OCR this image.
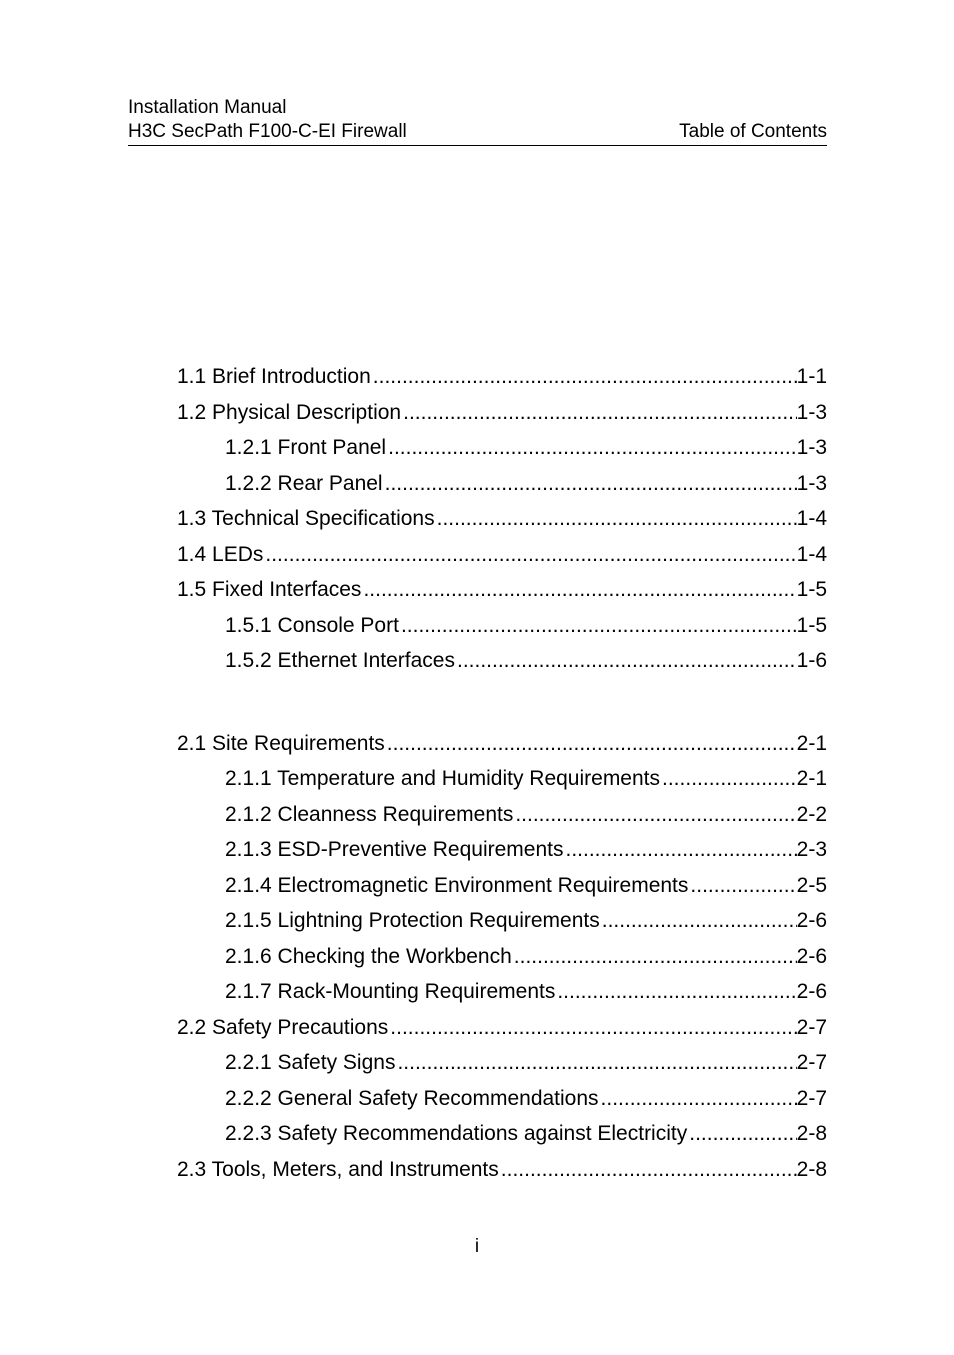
Installation Manual
H3C SecPath F100-C-EI Firewall	Table of Contents
1.1 Brief Introduction .....	1-1
1.2 Physical Description .....	1-3
1.2.1 Front Panel .....	1-3
1.2.2 Rear Panel .....	1-3
1.3 Technical Specifications .....	1-4
1.4 LEDs .....	1-4
1.5 Fixed Interfaces .....	1-5
1.5.1 Console Port .....	1-5
1.5.2 Ethernet Interfaces .....	1-6
2.1 Site Requirements .....	2-1
2.1.1 Temperature and Humidity Requirements .....	2-1
2.1.2 Cleanness Requirements .....	2-2
2.1.3 ESD-Preventive Requirements .....	2-3
2.1.4 Electromagnetic Environment Requirements .....	2-5
2.1.5 Lightning Protection Requirements .....	2-6
2.1.6 Checking the Workbench .....	2-6
2.1.7 Rack-Mounting Requirements .....	2-6
2.2 Safety Precautions .....	2-7
2.2.1 Safety Signs .....	2-7
2.2.2 General Safety Recommendations .....	2-7
2.2.3 Safety Recommendations against Electricity .....	2-8
2.3 Tools, Meters, and Instruments .....	2-8
i
